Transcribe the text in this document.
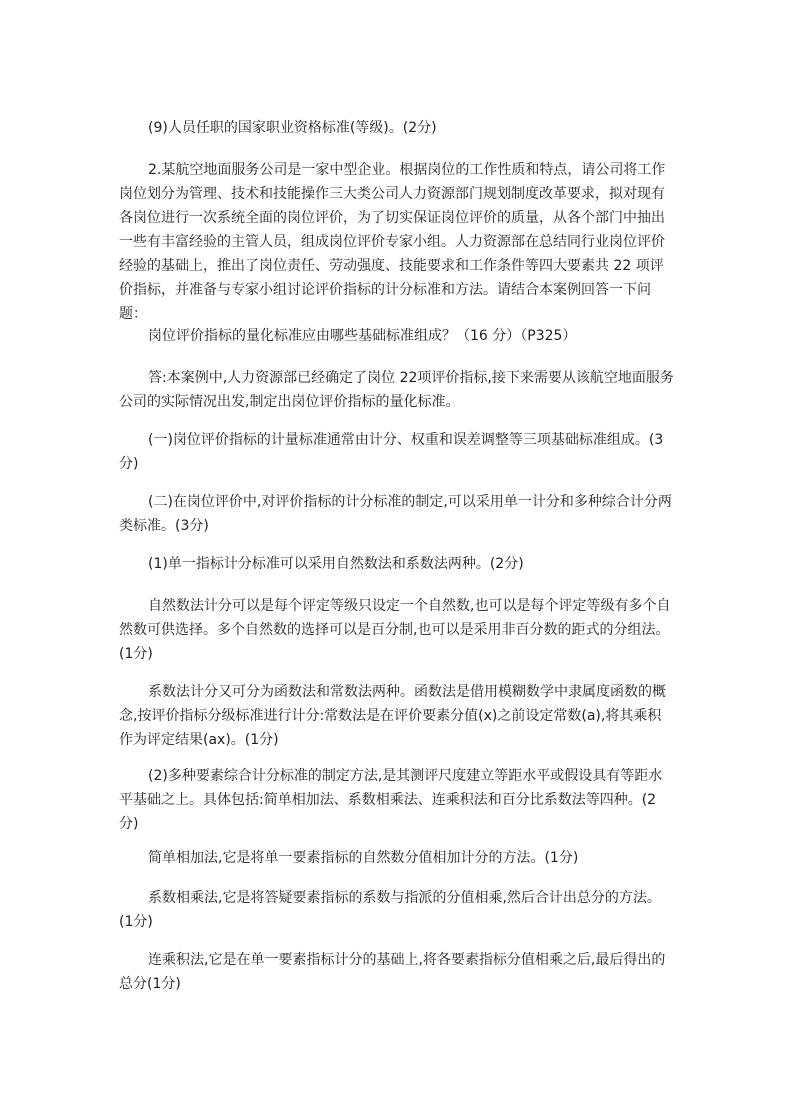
(9)人员任职的国家职业资格标准(等级)。(2分)

2.某航空地面服务公司是一家中型企业。根据岗位的工作性质和特点，请公司将工作岗位划分为管理、技术和技能操作三大类公司人力资源部门规划制度改革要求，拟对现有各岗位进行一次系统全面的岗位评价，为了切实保证岗位评价的质量，从各个部门中抽出一些有丰富经验的主管人员，组成岗位评价专家小组。人力资源部在总结同行业岗位评价经验的基础上，推出了岗位责任、劳动强度、技能要求和工作条件等四大要素共 22 项评价指标，并准备与专家小组讨论评价指标的计分标准和方法。请结合本案例回答一下问题：

岗位评价指标的量化标准应由哪些基础标准组成？（16 分）（P325）

答:本案例中,人力资源部已经确定了岗位 22项评价指标,接下来需要从该航空地面服务公司的实际情况出发,制定出岗位评价指标的量化标准。

(一)岗位评价指标的计量标准通常由计分、权重和误差调整等三项基础标准组成。(3分)

(二)在岗位评价中,对评价指标的计分标准的制定,可以采用单一计分和多种综合计分两类标准。(3分)

(1)单一指标计分标准可以采用自然数法和系数法两种。(2分)

自然数法计分可以是每个评定等级只设定一个自然数,也可以是每个评定等级有多个自然数可供选择。多个自然数的选择可以是百分制,也可以是采用非百分数的距式的分组法。(1分)

系数法计分又可分为函数法和常数法两种。函数法是借用模糊数学中隶属度函数的概念,按评价指标分级标准进行计分:常数法是在评价要素分值(x)之前设定常数(a),将其乘积作为评定结果(ax)。(1分)

(2)多种要素综合计分标准的制定方法,是其测评尺度建立等距水平或假设具有等距水平基础之上。具体包括:简单相加法、系数相乘法、连乘积法和百分比系数法等四种。(2分)

简单相加法,它是将单一要素指标的自然数分值相加计分的方法。(1分)

系数相乘法,它是将答疑要素指标的系数与指派的分值相乘,然后合计出总分的方法。(1分)

连乘积法,它是在单一要素指标计分的基础上,将各要素指标分值相乘之后,最后得出的总分(1分)
